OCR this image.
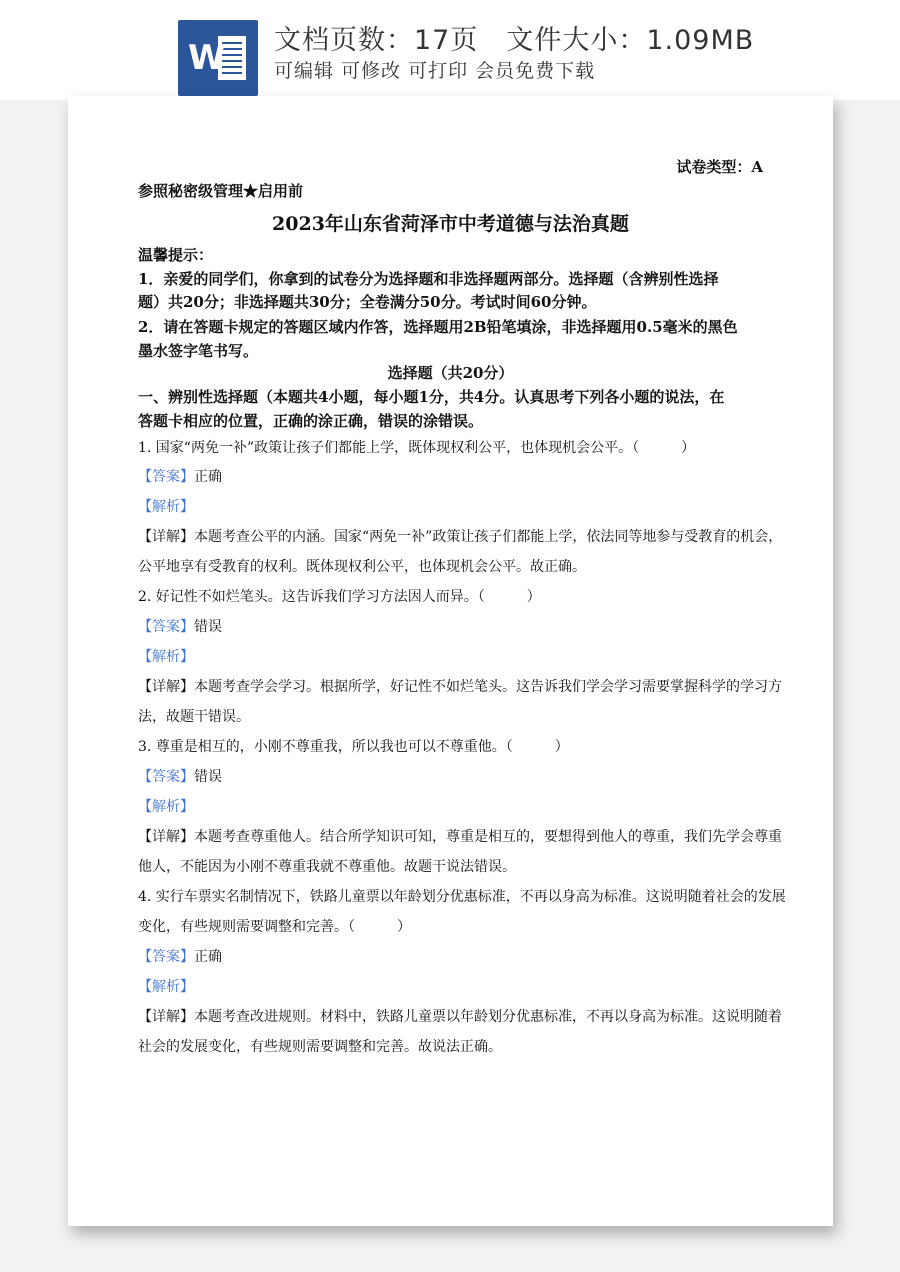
W 文档页数：17页 文件大小：1.09MB
可编辑 可修改 可打印 会员免费下载
试卷类型：A
参照秘密级管理★启用前
2023年山东省菏泽市中考道德与法治真题
温馨提示：
1．亲爱的同学们，你拿到的试卷分为选择题和非选择题两部分。选择题（含辨别性选择
题）共20分；非选择题共30分；全卷满分50分。考试时间60分钟。
2．请在答题卡规定的答题区域内作答，选择题用2B铅笔填涂，非选择题用0.5毫米的黑色
墨水签字笔书写。
选择题（共20分）
一、辨别性选择题（本题共4小题，每小题1分，共4分。认真思考下列各小题的说法，在
答题卡相应的位置，正确的涂正确，错误的涂错误。
1. 国家“两免一补”政策让孩子们都能上学，既体现权利公平，也体现机会公平。（　　　）
【答案】正确
【解析】
【详解】本题考查公平的内涵。国家“两免一补”政策让孩子们都能上学，依法同等地参与受教育的机会，
公平地享有受教育的权利。既体现权利公平，也体现机会公平。故正确。
2. 好记性不如烂笔头。这告诉我们学习方法因人而异。（　　　）
【答案】错误
【解析】
【详解】本题考查学会学习。根据所学，好记性不如烂笔头。这告诉我们学会学习需要掌握科学的学习方
法，故题干错误。
3. 尊重是相互的，小刚不尊重我，所以我也可以不尊重他。（　　　）
【答案】错误
【解析】
【详解】本题考查尊重他人。结合所学知识可知，尊重是相互的，要想得到他人的尊重，我们先学会尊重
他人，不能因为小刚不尊重我就不尊重他。故题干说法错误。
4. 实行车票实名制情况下，铁路儿童票以年龄划分优惠标准，不再以身高为标准。这说明随着社会的发展
变化，有些规则需要调整和完善。（　　　）
【答案】正确
【解析】
【详解】本题考查改进规则。材料中，铁路儿童票以年龄划分优惠标准，不再以身高为标准。这说明随着
社会的发展变化，有些规则需要调整和完善。故说法正确。
